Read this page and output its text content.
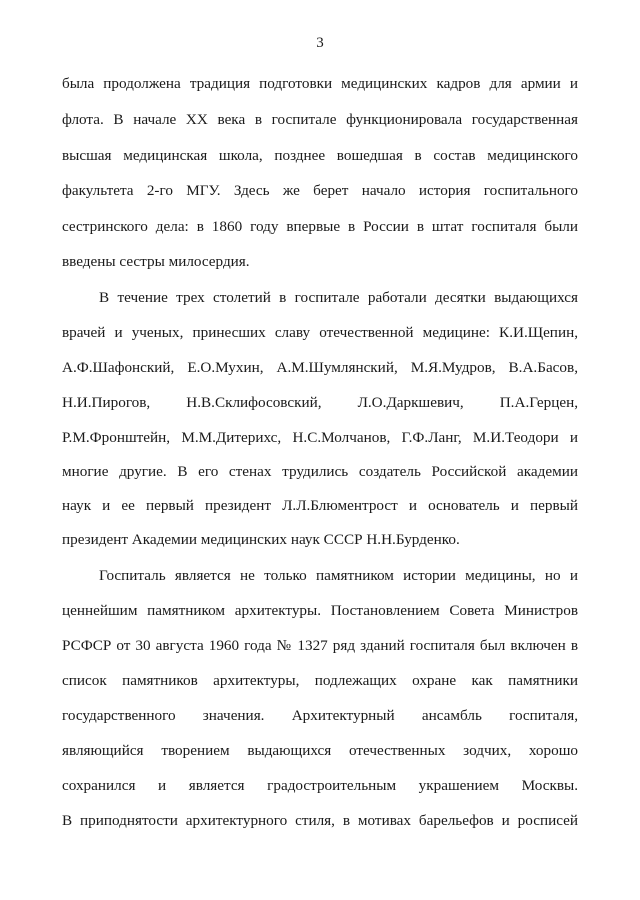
3
была продолжена традиция подготовки медицинских кадров для армии и
флота. В начале XX века в госпитале функционировала государственная
высшая медицинская школа, позднее вошедшая в состав медицинского
факультета 2-го МГУ. Здесь же берет начало история госпитального
сестринского дела: в 1860 году впервые в России в штат госпиталя были
введены сестры милосердия.
В течение трех столетий в госпитале работали десятки выдающихся
врачей и ученых, принесших славу отечественной медицине: К.И.Щепин,
А.Ф.Шафонский, Е.О.Мухин, А.М.Шумлянский, М.Я.Мудров, В.А.Басов,
Н.И.Пирогов, Н.В.Склифосовский, Л.О.Даркшевич, П.А.Герцен,
Р.М.Фронштейн, М.М.Дитерихс, Н.С.Молчанов, Г.Ф.Ланг, М.И.Теодори и
многие другие. В его стенах трудились создатель Российской академии
наук и ее первый президент Л.Л.Блюментрост и основатель и первый
президент Академии медицинских наук СССР Н.Н.Бурденко.
Госпиталь является не только памятником истории медицины, но и
ценнейшим памятником архитектуры. Постановлением Совета Министров
РСФСР от 30 августа 1960 года № 1327 ряд зданий госпиталя был включен в
список памятников архитектуры, подлежащих охране как памятники
государственного значения. Архитектурный ансамбль госпиталя,
являющийся творением выдающихся отечественных зодчих, хорошо
сохранился и является градостроительным украшением Москвы.
В приподнятости архитектурного стиля, в мотивах барельефов и росписей
